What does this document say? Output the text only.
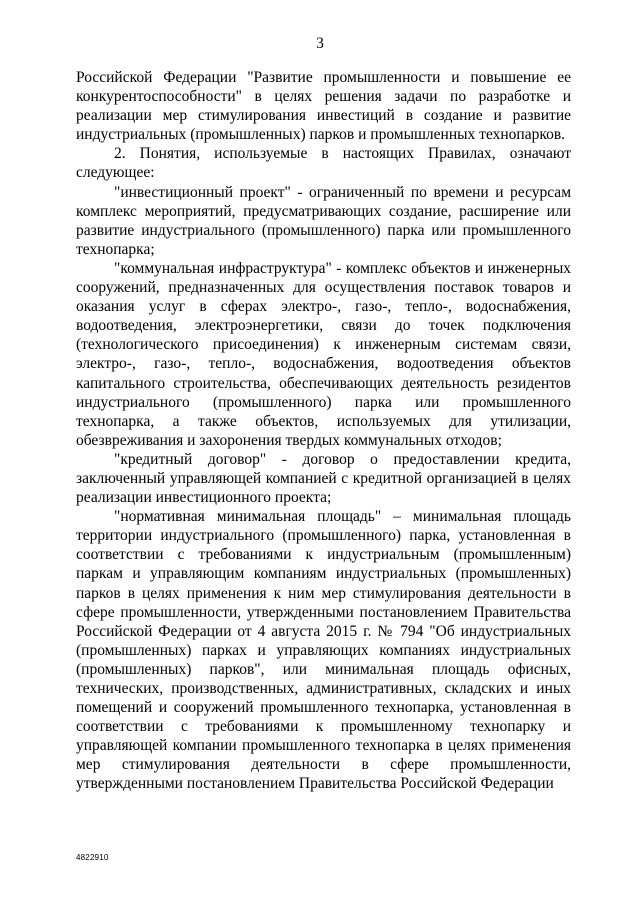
3

Российской Федерации "Развитие промышленности и повышение ее конкурентоспособности" в целях решения задачи по разработке и реализации мер стимулирования инвестиций в создание и развитие индустриальных (промышленных) парков и промышленных технопарков.

2. Понятия, используемые в настоящих Правилах, означают следующее:

"инвестиционный проект" - ограниченный по времени и ресурсам комплекс мероприятий, предусматривающих создание, расширение или развитие индустриального (промышленного) парка или промышленного технопарка;

"коммунальная инфраструктура" - комплекс объектов и инженерных сооружений, предназначенных для осуществления поставок товаров и оказания услуг в сферах электро-, газо-, тепло-, водоснабжения, водоотведения, электроэнергетики, связи до точек подключения (технологического присоединения) к инженерным системам связи, электро-, газо-, тепло-, водоснабжения, водоотведения объектов капитального строительства, обеспечивающих деятельность резидентов индустриального (промышленного) парка или промышленного технопарка, а также объектов, используемых для утилизации, обезвреживания и захоронения твердых коммунальных отходов;

"кредитный договор" - договор о предоставлении кредита, заключенный управляющей компанией с кредитной организацией в целях реализации инвестиционного проекта;

"нормативная минимальная площадь" – минимальная площадь территории индустриального (промышленного) парка, установленная в соответствии с требованиями к индустриальным (промышленным) паркам и управляющим компаниям индустриальных (промышленных) парков в целях применения к ним мер стимулирования деятельности в сфере промышленности, утвержденными постановлением Правительства Российской Федерации от 4 августа 2015 г. № 794 "Об индустриальных (промышленных) парках и управляющих компаниях индустриальных (промышленных) парков", или минимальная площадь офисных, технических, производственных, административных, складских и иных помещений и сооружений промышленного технопарка, установленная в соответствии с требованиями к промышленному технопарку и управляющей компании промышленного технопарка в целях применения мер стимулирования деятельности в сфере промышленности, утвержденными постановлением Правительства Российской Федерации

4822910
